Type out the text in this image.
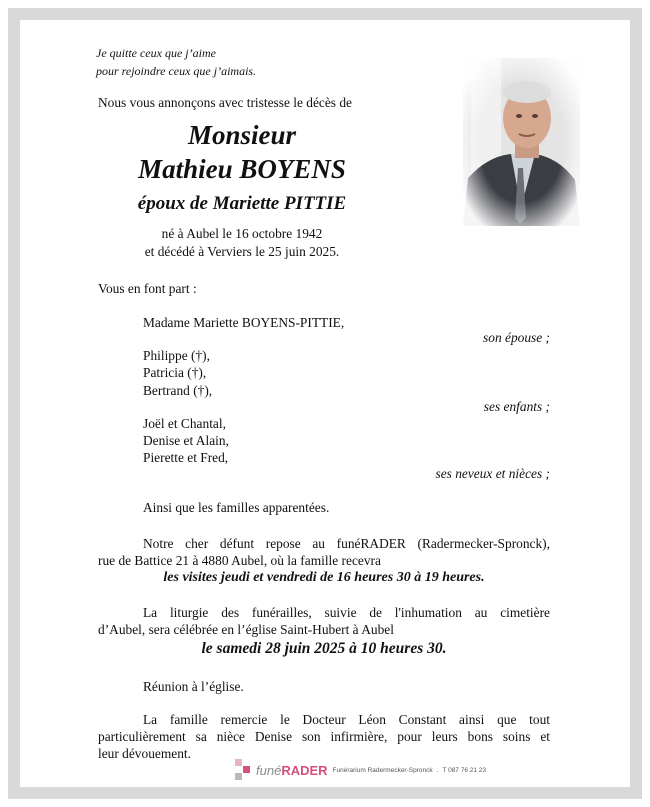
Je quitte ceux que j’aime
pour rejoindre ceux que j’aimais.
Nous vous annonçons avec tristesse le décès de
Monsieur
Mathieu BOYENS
époux de Mariette PITTIE
né à Aubel le 16 octobre 1942
et décédé à Verviers le 25 juin 2025.
Vous en font part :
Madame Mariette BOYENS-PITTIE,
son épouse ;
Philippe (†),
Patricia (†),
Bertrand (†),
ses enfants ;
Joël et Chantal,
Denise et Alain,
Pierette et Fred,
ses neveux et nièces ;
Ainsi que les familles apparentées.
Notre cher défunt repose au funéRADER (Radermecker-Spronck),
rue de Battice 21 à 4880 Aubel, où la famille recevra
les visites jeudi et vendredi de 16 heures 30 à 19 heures.
La liturgie des funérailles, suivie de l'inhumation au cimetière
d’Aubel, sera célébrée en l’église Saint-Hubert à Aubel
le samedi 28 juin 2025 à 10 heures 30.
Réunion à l’église.
La famille remercie le Docteur Léon Constant ainsi que tout
particulièrement sa nièce Denise son infirmière, pour leurs bons soins et
leur dévouement.
funé RADER Funérarium Radermecker-Spronck . T 087 76 21 23
